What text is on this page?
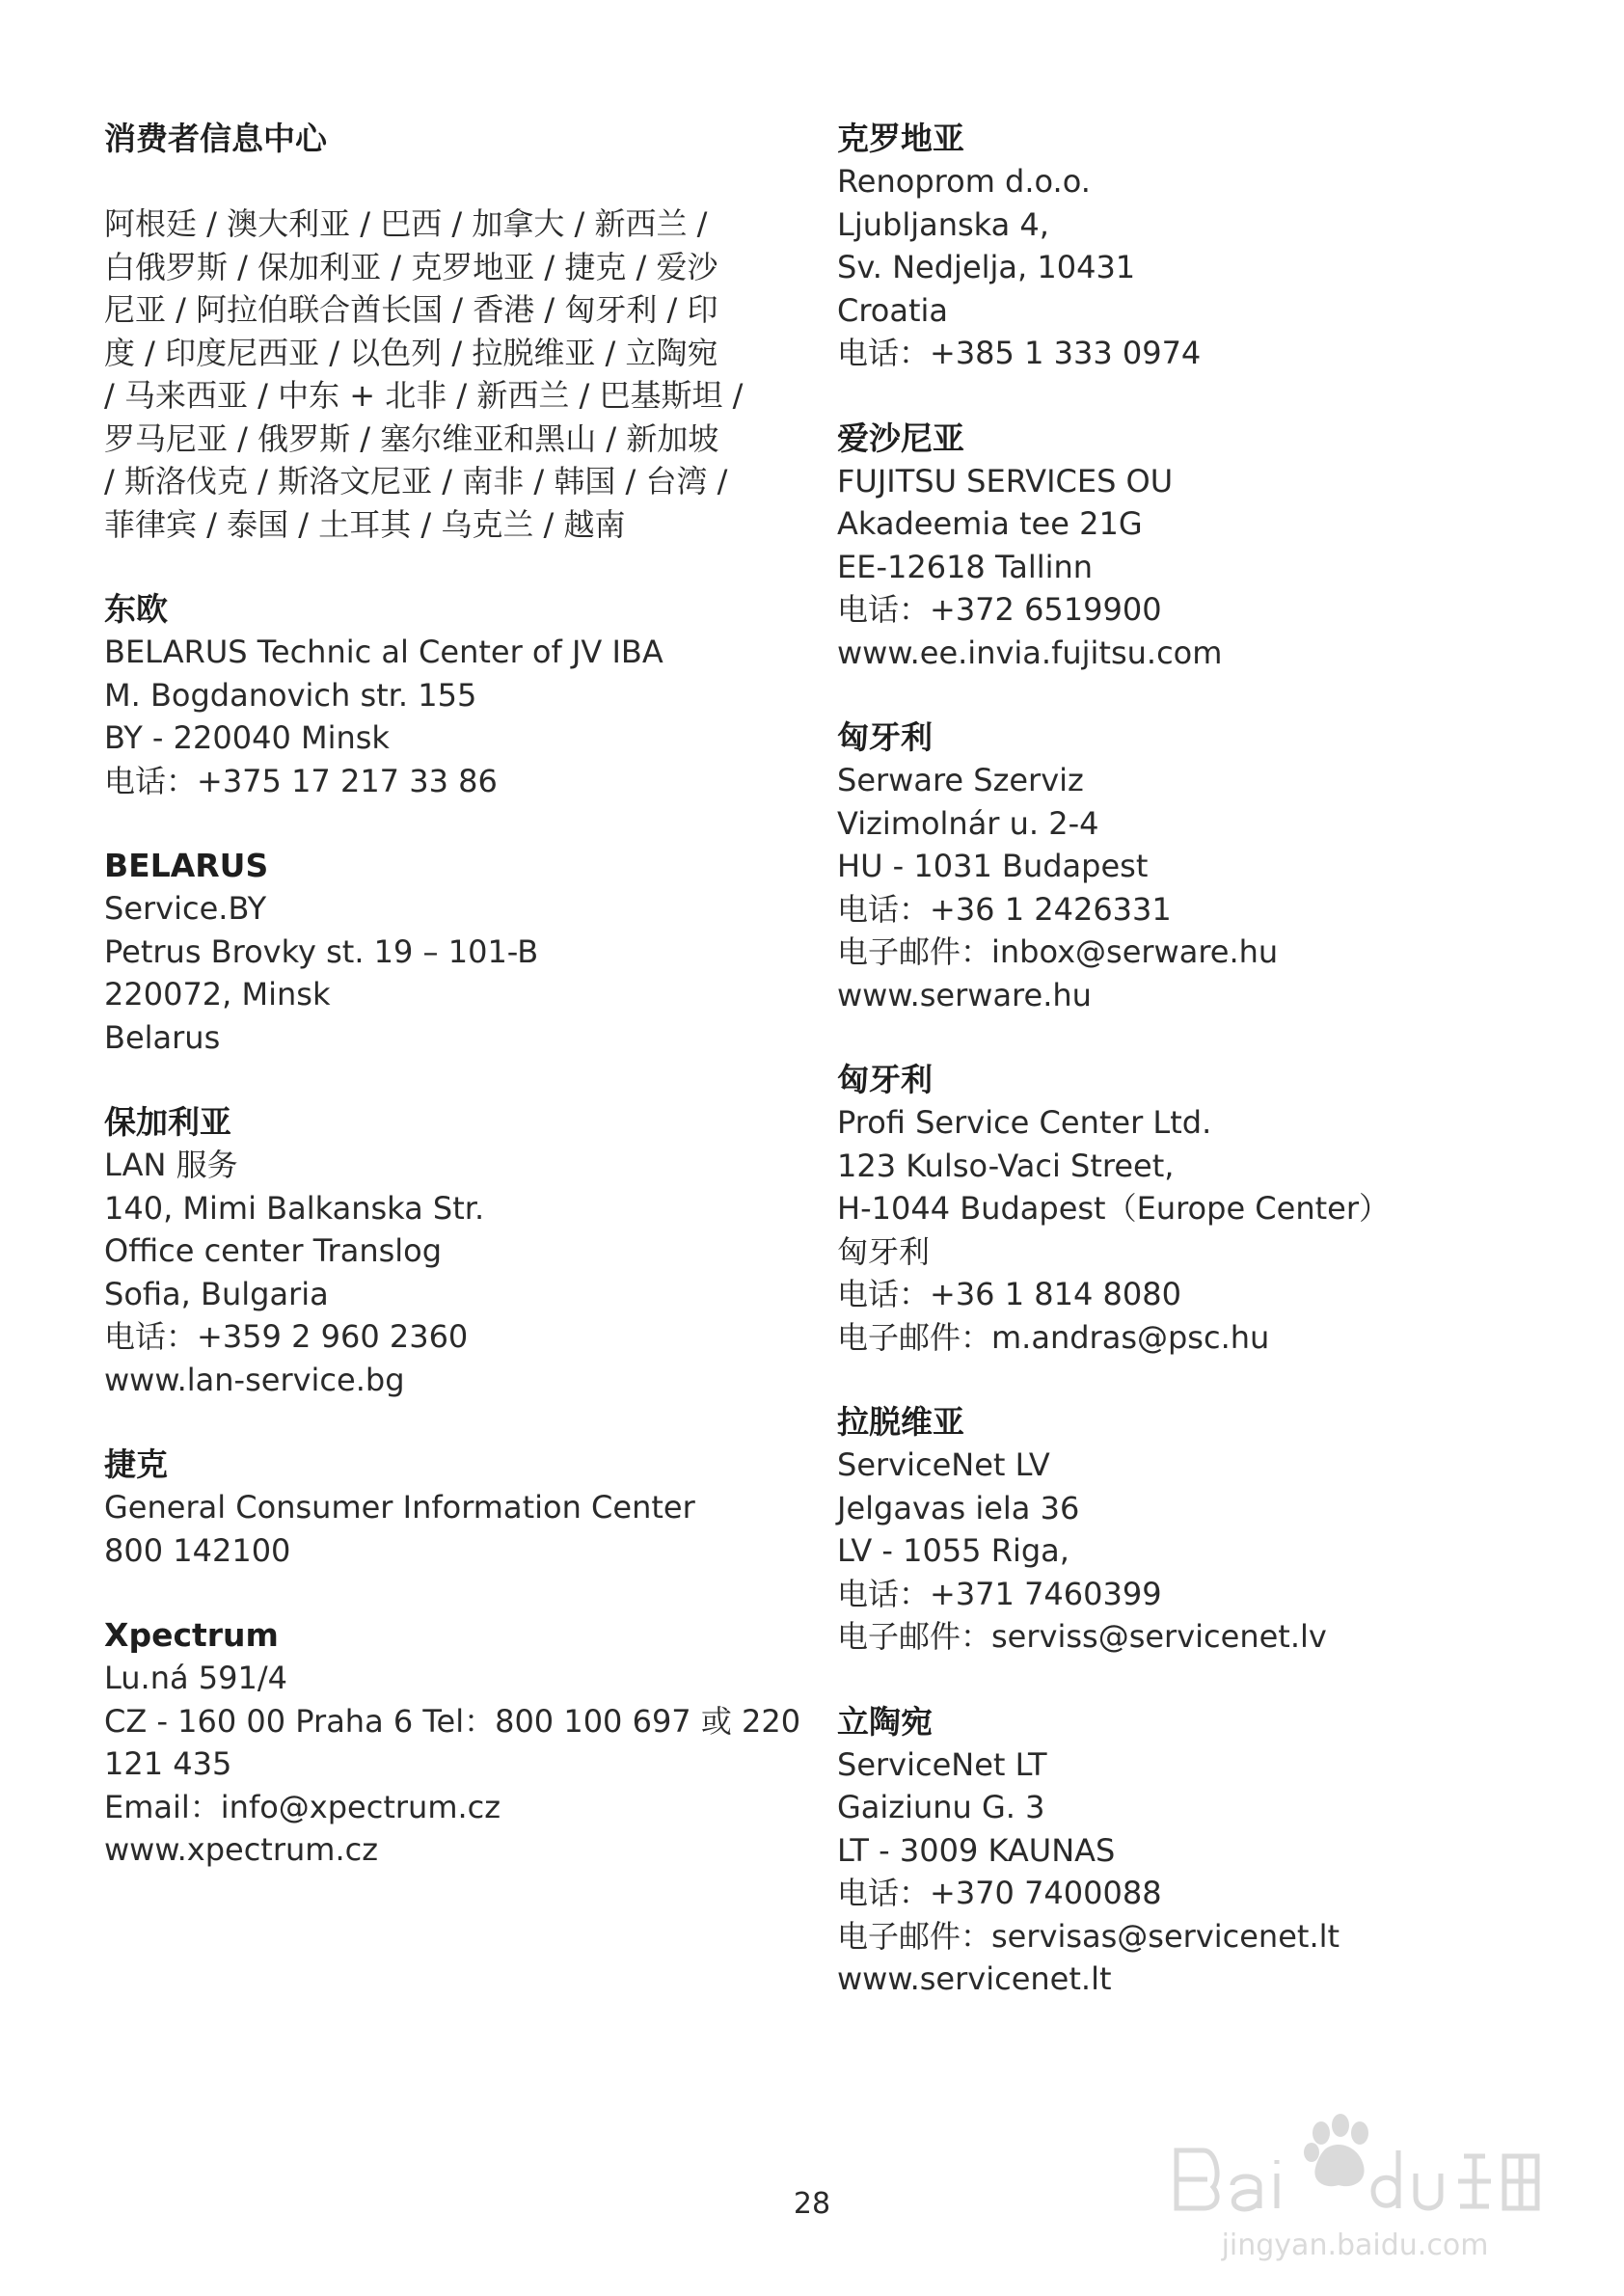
消费者信息中心

阿根廷 / 澳大利亚 / 巴西 / 加拿大 / 新西兰 /

白俄罗斯 / 保加利亚 / 克罗地亚 / 捷克 / 爱沙

尼亚 / 阿拉伯联合酋长国 / 香港 / 匈牙利 / 印

度 / 印度尼西亚 / 以色列 / 拉脱维亚 / 立陶宛

/ 马来西亚 / 中东 + 北非 / 新西兰 / 巴基斯坦 /

罗马尼亚 / 俄罗斯 / 塞尔维亚和黑山 / 新加坡

/ 斯洛伐克 / 斯洛文尼亚 / 南非 / 韩国 / 台湾 /

菲律宾 / 泰国 / 土耳其 / 乌克兰 / 越南

东欧

BELARUS Technic al Center of JV IBA

M. Bogdanovich str. 155

BY - 220040 Minsk

电话：+375 17 217 33 86

BELARUS

Service.BY

Petrus Brovky st. 19 – 101-B

220072, Minsk

Belarus

保加利亚

LAN 服务

140, Mimi Balkanska Str.

Office center Translog

Sofia, Bulgaria

电话：+359 2 960 2360

www.lan-service.bg

捷克

General Consumer Information Center

800 142100

Xpectrum

Lu.ná 591/4

CZ - 160 00 Praha 6 Tel：800 100 697 或 220

121 435

Email：info@xpectrum.cz

www.xpectrum.cz

克罗地亚

Renoprom d.o.o.

Ljubljanska 4,

Sv. Nedjelja, 10431

Croatia

电话：+385 1 333 0974

爱沙尼亚

FUJITSU SERVICES OU

Akadeemia tee 21G

EE-12618 Tallinn

电话：+372 6519900

www.ee.invia.fujitsu.com

匈牙利

Serware Szerviz

Vizimolnár u. 2-4

HU - 1031 Budapest

电话：+36 1 2426331

电子邮件：inbox@serware.hu

www.serware.hu

匈牙利

Profi Service Center Ltd.

123 Kulso-Vaci Street,

H-1044 Budapest（Europe Center）

匈牙利

电话：+36 1 814 8080

电子邮件：m.andras@psc.hu

拉脱维亚

ServiceNet LV

Jelgavas iela 36

LV - 1055 Riga,

电话：+371 7460399

电子邮件：serviss@servicenet.lv

立陶宛

ServiceNet LT

Gaiziunu G. 3

LT - 3009 KAUNAS

电话：+370 7400088

电子邮件：servisas@servicenet.lt

www.servicenet.lt

28
jingyan.baidu.com
